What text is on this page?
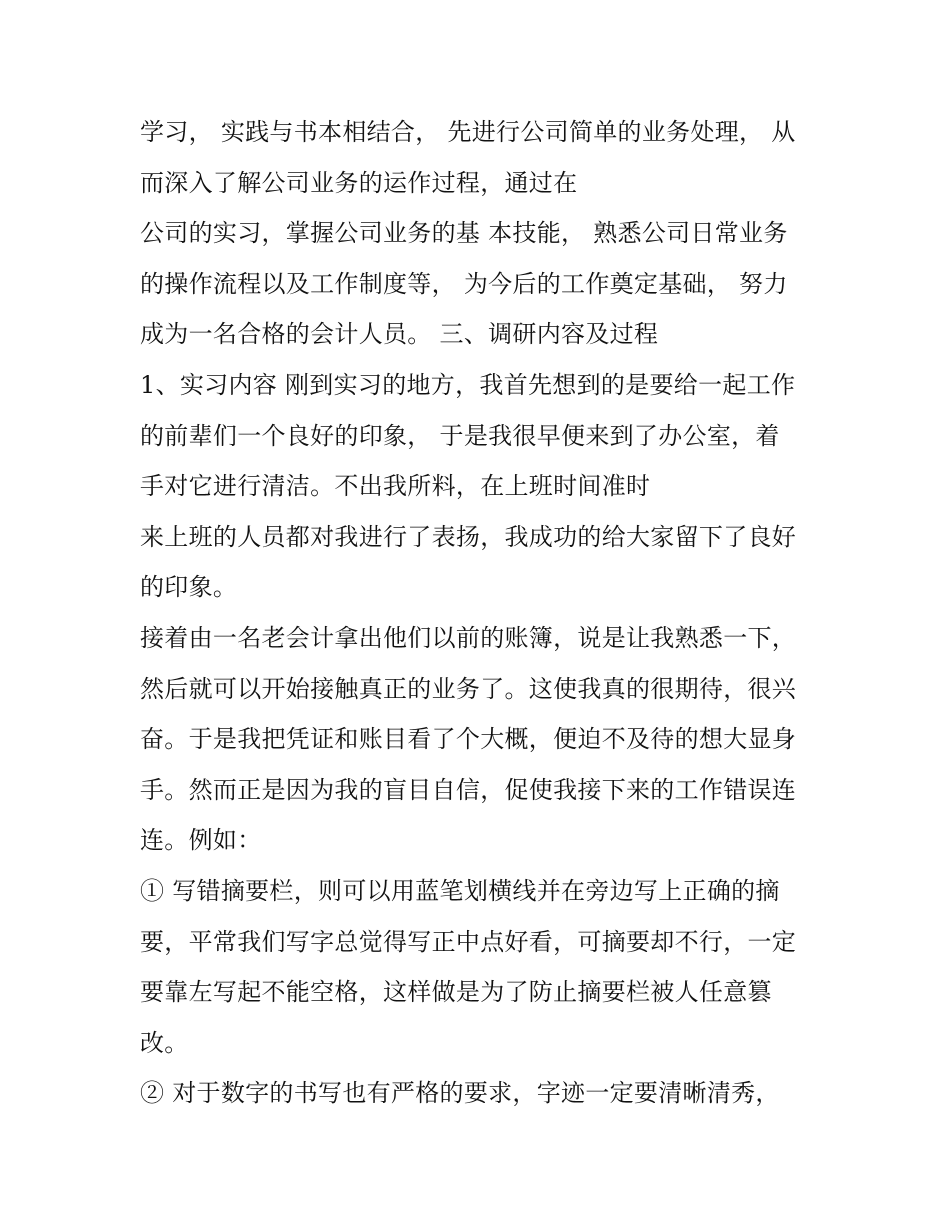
学习， 实践与书本相结合， 先进行公司简单的业务处理， 从
而深入了解公司业务的运作过程，通过在
公司的实习，掌握公司业务的基 本技能， 熟悉公司日常业务
的操作流程以及工作制度等， 为今后的工作奠定基础， 努力
成为一名合格的会计人员。 三、调研内容及过程
1、实习内容 刚到实习的地方，我首先想到的是要给一起工作
的前辈们一个良好的印象， 于是我很早便来到了办公室，着
手对它进行清洁。不出我所料，在上班时间准时
来上班的人员都对我进行了表扬，我成功的给大家留下了良好
的印象。
接着由一名老会计拿出他们以前的账簿，说是让我熟悉一下，
然后就可以开始接触真正的业务了。这使我真的很期待，很兴
奋。于是我把凭证和账目看了个大概，便迫不及待的想大显身
手。然而正是因为我的盲目自信，促使我接下来的工作错误连
连。例如：
① 写错摘要栏，则可以用蓝笔划横线并在旁边写上正确的摘
要，平常我们写字总觉得写正中点好看，可摘要却不行，一定
要靠左写起不能空格，这样做是为了防止摘要栏被人任意篡
改。
② 对于数字的书写也有严格的要求，字迹一定要清晰清秀，
